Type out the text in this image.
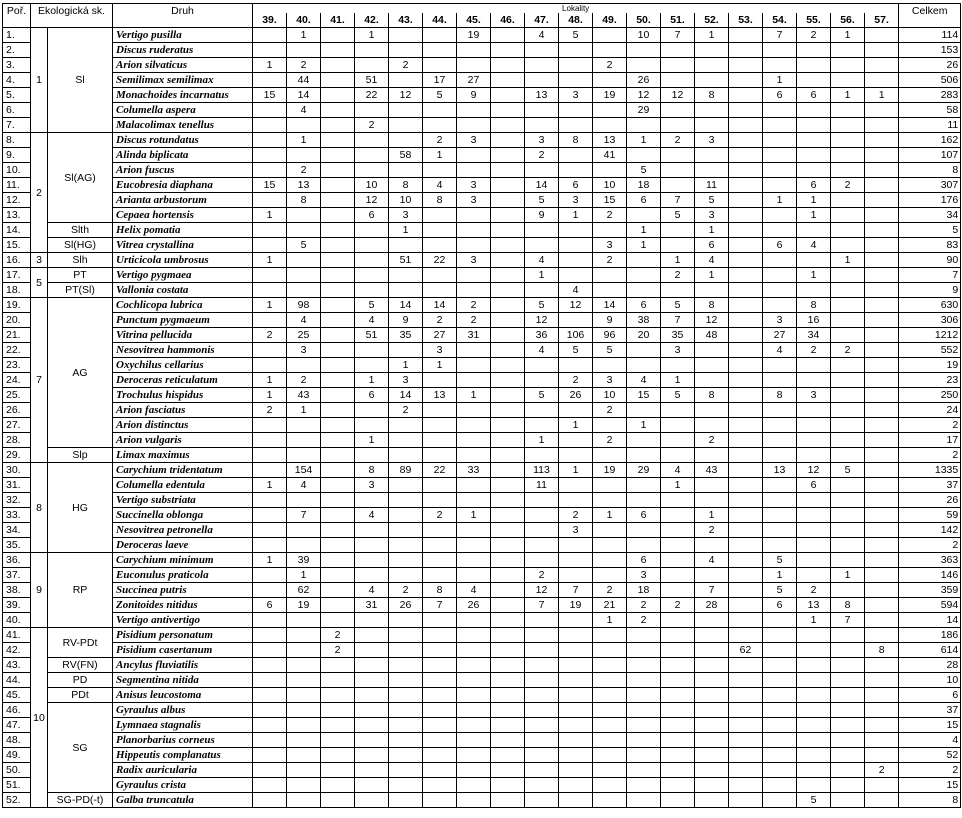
Poř.	Ekologická sk.		Druh	Lokality																			Celkem
				39.	40.	41.	42.	43.	44.	45.	46.	47.	48.	49.	50.	51.	52.	53.	54.	55.	56.	57.	
1.	1	Sl	Vertigo pusilla		1		1			19		4	5		10	7	1		7	2	1		114
2.			Discus ruderatus																				153
3.			Arion silvaticus	1	2			2						2									26
4.			Semilimax semilimax		44		51		17	27					26				1				506
5.			Monachoides incarnatus	15	14		22	12	5	9		13	3	19	12	12	8		6	6	1	1	283
6.			Columella aspera		4										29								58
7.			Malacolimax tenellus				2																11
8.	2	Sl(AG)	Discus rotundatus		1				2	3		3	8	13	1	2	3						162
9.			Alinda biplicata					58	1			2		41									107
10.			Arion fuscus		2										5								8
11.			Eucobresia diaphana	15	13		10	8	4	3		14	6	10	18		11			6	2		307
12.			Arianta arbustorum		8		12	10	8	3		5	3	15	6	7	5		1	1			176
13.			Cepaea hortensis	1			6	3				9	1	2		5	3			1			34
14.		Slth	Helix pomatia					1							1		1						5
15.		Sl(HG)	Vitrea crystallina		5									3	1		6		6	4			83
16.	3	Slh	Urticicola umbrosus	1				51	22	3		4		2		1	4				1		90
17.	5	PT	Vertigo pygmaea									1				2	1			1			7
18.		PT(Sl)	Vallonia costata										4										9
19.	7	AG	Cochlicopa lubrica	1	98		5	14	14	2		5	12	14	6	5	8			8			630
20.			Punctum pygmaeum		4		4	9	2	2		12		9	38	7	12		3	16			306
21.			Vitrina pellucida	2	25		51	35	27	31		36	106	96	20	35	48		27	34			1212
22.			Nesovitrea hammonis		3				3			4	5	5		3			4	2	2		552
23.			Oxychilus cellarius					1	1														19
24.			Deroceras reticulatum	1	2		1	3					2	3	4	1							23
25.			Trochulus hispidus	1	43		6	14	13	1		5	26	10	15	5	8		8	3			250
26.			Arion fasciatus	2	1			2						2									24
27.			Arion distinctus										1		1								2
28.			Arion vulgaris				1					1		2			2						17
29.		Slp	Limax maximus																				2
30.	8	HG	Carychium tridentatum		154		8	89	22	33		113	1	19	29	4	43		13	12	5		1335
31.			Columella edentula	1	4		3					11				1				6			37
32.			Vertigo substriata																				26
33.			Succinella oblonga		7		4		2	1			2	1	6		1						59
34.			Nesovitrea petronella										3				2						142
35.			Deroceras laeve																				2
36.	9	RP	Carychium minimum	1	39										6		4		5				363
37.			Euconulus praticola		1							2			3				1		1		146
38.			Succinea putris		62		4	2	8	4		12	7	2	18		7		5	2			359
39.			Zonitoides nitidus	6	19		31	26	7	26		7	19	21	2	2	28		6	13	8		594
40.			Vertigo antivertigo											1	2					1	7		14
41.	10	RV-PDt	Pisidium personatum			2																	186
42.			Pisidium casertanum			2												62				8	614
43.		RV(FN)	Ancylus fluviatilis																				28
44.		PD	Segmentina nitida																				10
45.		PDt	Anisus leucostoma																				6
46.		SG	Gyraulus albus																				37
47.			Lymnaea stagnalis																				15
48.			Planorbarius corneus																				4
49.			Hippeutis complanatus																				52
50.			Radix auricularia																			2	2
51.			Gyraulus crista																				15
52.		SG-PD(-t)	Galba truncatula																	5			8
